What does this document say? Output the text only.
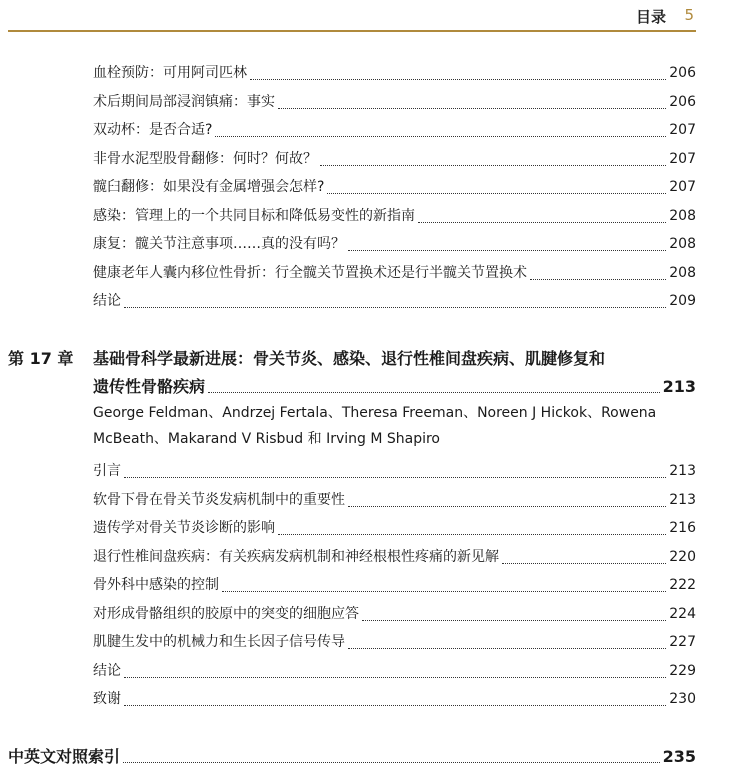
目录 5
血栓预防：可用阿司匹林	206
术后期间局部浸润镇痛：事实	206
双动杯：是否合适?	207
非骨水泥型股骨翻修：何时？何故？	207
髋臼翻修：如果没有金属增强会怎样?	207
感染：管理上的一个共同目标和降低易变性的新指南	208
康复：髋关节注意事项……真的没有吗？	208
健康老年人囊内移位性骨折：行全髋关节置换术还是行半髋关节置换术	208
结论	209
第 17 章 基础骨科学最新进展：骨关节炎、感染、退行性椎间盘疾病、肌腱修复和
遗传性骨骼疾病	213
George Feldman、Andrzej Fertala、Theresa Freeman、Noreen J Hickok、Rowena McBeath、Makarand V Risbud 和 Irving M Shapiro
引言	213
软骨下骨在骨关节炎发病机制中的重要性	213
遗传学对骨关节炎诊断的影响	216
退行性椎间盘疾病：有关疾病发病机制和神经根根性疼痛的新见解	220
骨外科中感染的控制	222
对形成骨骼组织的胶原中的突变的细胞应答	224
肌腱生发中的机械力和生长因子信号传导	227
结论	229
致谢	230
中英文对照索引	235
